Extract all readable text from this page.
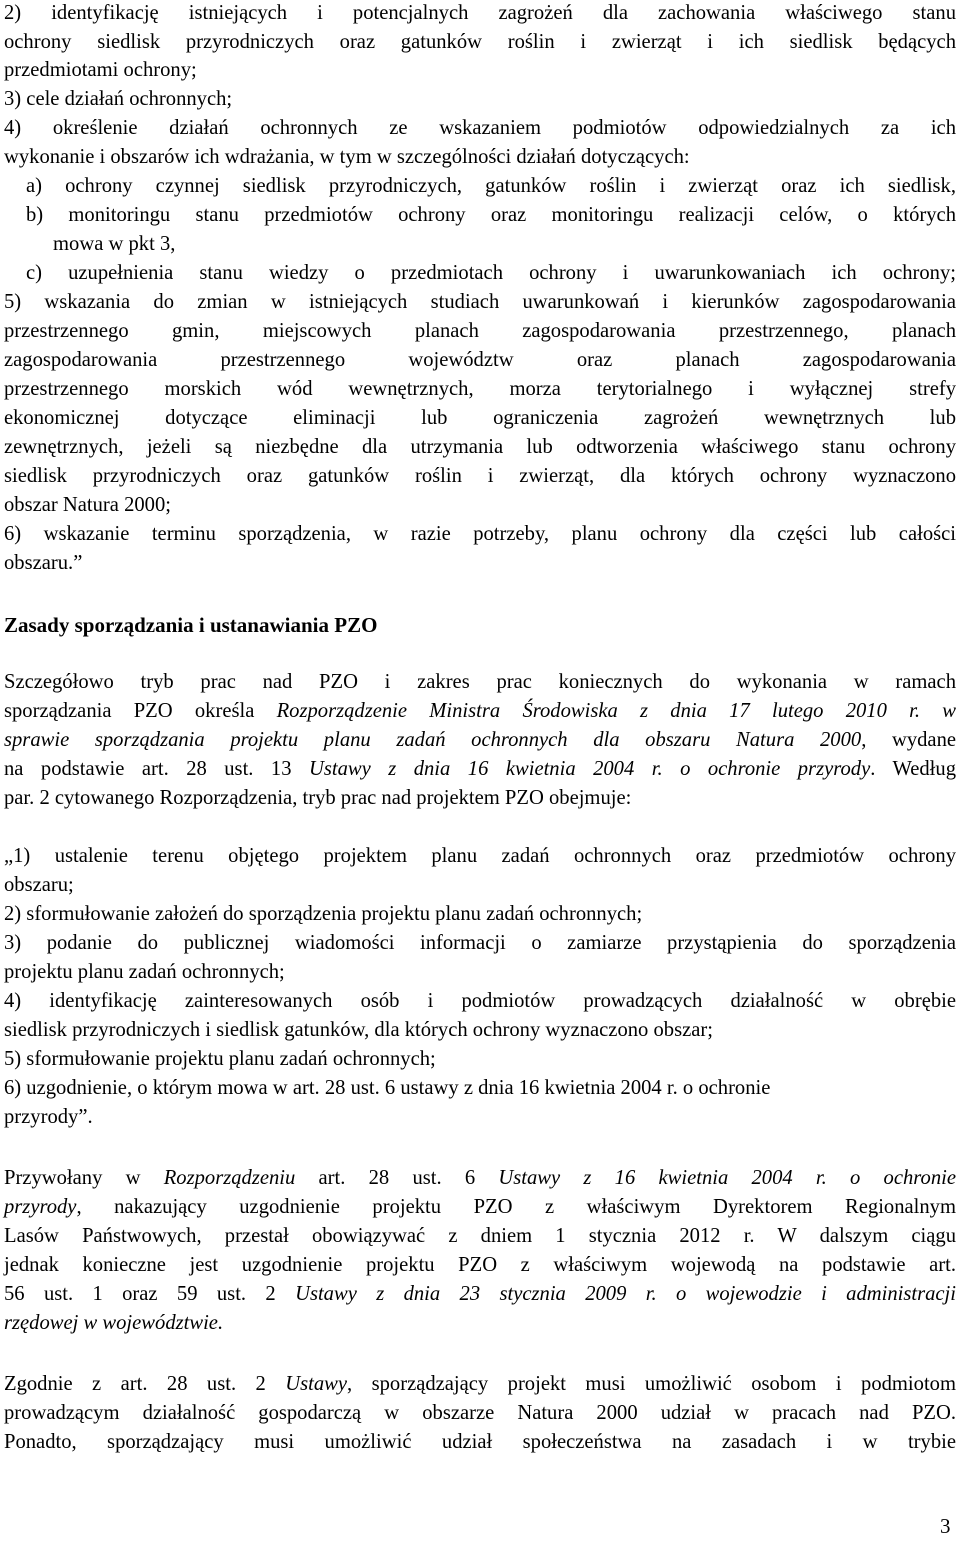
2) identyfikację istniejących i potencjalnych zagrożeń dla zachowania właściwego stanu
ochrony siedlisk przyrodniczych oraz gatunków roślin i zwierząt i ich siedlisk będących
przedmiotami ochrony;
3) cele działań ochronnych;
4) określenie działań ochronnych ze wskazaniem podmiotów odpowiedzialnych za ich
wykonanie i obszarów ich wdrażania, w tym w szczególności działań dotyczących:
a) ochrony czynnej siedlisk przyrodniczych, gatunków roślin i zwierząt oraz ich siedlisk,
b) monitoringu stanu przedmiotów ochrony oraz monitoringu realizacji celów, o których
mowa w pkt 3,
c) uzupełnienia stanu wiedzy o przedmiotach ochrony i uwarunkowaniach ich ochrony;
5) wskazania do zmian w istniejących studiach uwarunkowań i kierunków zagospodarowania
przestrzennego gmin, miejscowych planach zagospodarowania przestrzennego, planach
zagospodarowania przestrzennego województw oraz planach zagospodarowania
przestrzennego morskich wód wewnętrznych, morza terytorialnego i wyłącznej strefy
ekonomicznej dotyczące eliminacji lub ograniczenia zagrożeń wewnętrznych lub
zewnętrznych, jeżeli są niezbędne dla utrzymania lub odtworzenia właściwego stanu ochrony
siedlisk przyrodniczych oraz gatunków roślin i zwierząt, dla których ochrony wyznaczono
obszar Natura 2000;
6) wskazanie terminu sporządzenia, w razie potrzeby, planu ochrony dla części lub całości
obszaru.”
Zasady sporządzania i ustanawiania PZO
Szczegółowo tryb prac nad PZO i zakres prac koniecznych do wykonania w ramach
sporządzania PZO określa Rozporządzenie Ministra Środowiska z dnia 17 lutego 2010 r. w
sprawie sporządzania projektu planu zadań ochronnych dla obszaru Natura 2000, wydane
na podstawie art. 28 ust. 13 Ustawy z dnia 16 kwietnia 2004 r. o ochronie przyrody. Według
par. 2 cytowanego Rozporządzenia, tryb prac nad projektem PZO obejmuje:
„1) ustalenie terenu objętego projektem planu zadań ochronnych oraz przedmiotów ochrony
obszaru;
2) sformułowanie założeń do sporządzenia projektu planu zadań ochronnych;
3) podanie do publicznej wiadomości informacji o zamiarze przystąpienia do sporządzenia
projektu planu zadań ochronnych;
4) identyfikację zainteresowanych osób i podmiotów prowadzących działalność w obrębie
siedlisk przyrodniczych i siedlisk gatunków, dla których ochrony wyznaczono obszar;
5) sformułowanie projektu planu zadań ochronnych;
6) uzgodnienie, o którym mowa w art. 28 ust. 6 ustawy z dnia 16 kwietnia 2004 r. o ochronie
przyrody”.
Przywołany w Rozporządzeniu art. 28 ust. 6 Ustawy z 16 kwietnia 2004 r. o ochronie
przyrody, nakazujący uzgodnienie projektu PZO z właściwym Dyrektorem Regionalnym
Lasów Państwowych, przestał obowiązywać z dniem 1 stycznia 2012 r. W dalszym ciągu
jednak konieczne jest uzgodnienie projektu PZO z właściwym wojewodą na podstawie art.
56 ust. 1 oraz 59 ust. 2 Ustawy z dnia 23 stycznia 2009 r. o wojewodzie i administracji
rzędowej w województwie.
Zgodnie z art. 28 ust. 2 Ustawy, sporządzający projekt musi umożliwić osobom i podmiotom
prowadzącym działalność gospodarczą w obszarze Natura 2000 udział w pracach nad PZO.
Ponadto, sporządzający musi umożliwić udział społeczeństwa na zasadach i w trybie
3
